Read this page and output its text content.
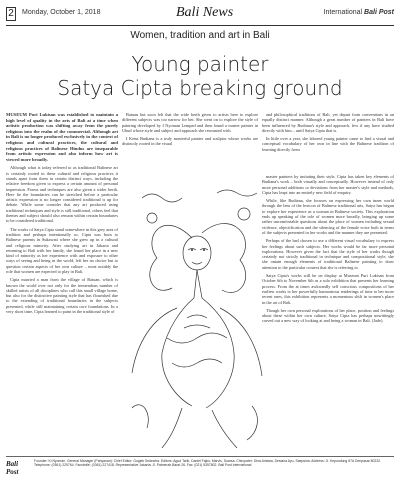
2	Monday, October 1, 2018	Bali News	International Bali Post
Women, tradition and art in Bali
Young painter
Satya Cipta breaking ground

MUSEUM Puri Lukisan was established to maintain a high level of quality in the arts of Bali at a time when artistic production was shifting away from the purely religious into the realm of the commercial. Although art in Bali is no longer produced exclusively in the context of religious and cultural practices, the cultural and religious practices of Balinese Hindus are inseparable from artistic expression and also inform how art is viewed more broadly.

Although what is today referred to as traditional Balinese art is certainly rooted in these cultural and religious practices it stands apart from them in certain distinct ways, including the relative freedom given to express a certain amount of personal impression. Forms and techniques are also given a wider berth. Here lie the boundaries can be stretched before a particular artistic expression is no longer considered traditional is up for debate. While some consider that any art produced using traditional techniques and style is still traditional, others feel that themes and subject should also remain within certain boundaries to be considered traditional.

The works of Satya Cipta stand somewhere in this grey area of tradition and perhaps intentionally so. Cipta was born to Balinese parents in Sukawati where she grew up in a cultural and religious minority. After studying art in Jakarta and returning to Bali with her family, she found her place in a new kind of minority as her experience with and exposure to other ways of seeing and being in the world, left her no choice but to question certain aspects of her own culture – most notably the role that women are expected to play in Bali.

Cipta married a man from the village of Batuan, which is known the world over not only for the tremendous number of skilled artists of all disciplines who call this small village home, but also for the distinctive painting style that has flourished due to the extending of traditional boundaries in the subjects presented, while still maintaining certain core foundations. In a very short time, Cipta learned to paint in the traditional style of

Batuan but soon felt that the wide berth given to artists here to explore different subjects was too narrow for her. She went on to explore the style of painting developed by I Nyoman Lempad and then found a master painter in Ubud whose style and subject and approach she resonated with.

I Ketut Budiana is a truly masterful painter and sculptor whose works are distinctly rooted in the visual

and philosophical traditions of Bali, yet depart from conventions in an equally distinct manner. Although a great number of painters in Bali have been influenced by Budiana's style and approach, few if any have studied directly with him – until Satya Cipta that is.

In little over a year, she labored young painter came to find a visual and conceptual vocabulary of her own in line with the Balinese tradition of learning directly from

master painters by imitating their style, Cipta has taken key elements of Budiana's work – both visually and conceptually. However instead of only more personal additions or deviations from her master's style and methods, Cipta has leapt into an entirely new field of enquiry.

While, like Budiana, she focuses on expressing her own inner world through the lens of the lexicon of Balinese traditional arts, Satya has begun to explore her experience as a woman in Balinese society. This exploration ends up speaking of the role of women more broadly, bringing up some rather uncomfortable questions about the place of women including sexual violence, objectification and the silencing of the female voice both in terms of the subjects presented in her works and the manner they are presented.

Perhaps of the bad chosen to use a different visual vocabulary to express her feelings about such subjects. Her works would be far more personal explorations. However given the fact that the style of her works though certainly not strictly traditional in technique and compositional style, she she ontain enough elements of traditional Balinese painting to draw attention to the particular context that she is referring to.

Satya Cipta's works will be on display at Museum Puri Lukisan from October 6th to November 6th as a solo exhibition that presents her learning process. From the at times awkwardly self conscious compositions of her earliest works to her powerfully harmonious renderings of time to her more recent ones, this exhibition represents a momentous shift in women's place in the art of Bali.

Though her own personal explorations of her place, position and feelings about these within her own culture, Satya Cipta has perhaps unwittingly carved out a new way of looking at and being a woman in Bali. (Jade).

Bali Post
Founder: Ki Nyoman. General Manager (Pahyanan): Chief Editor: Gugiek Sedewha. Editors: Agud Tarik, Daniel Fajko, Marvis, Suarsa. Chiropster: Dina Ariawia, Desiana Ayu, Saepsina. Address: Jl. Kepundung 67A Denpasar 80232. Telephone: (0361) 225764. Facsimile: (0361) 227418. Representative Jakarta: Jl. Palmerah Barat 26. Fax: (021) 5357802. Bali Post International
